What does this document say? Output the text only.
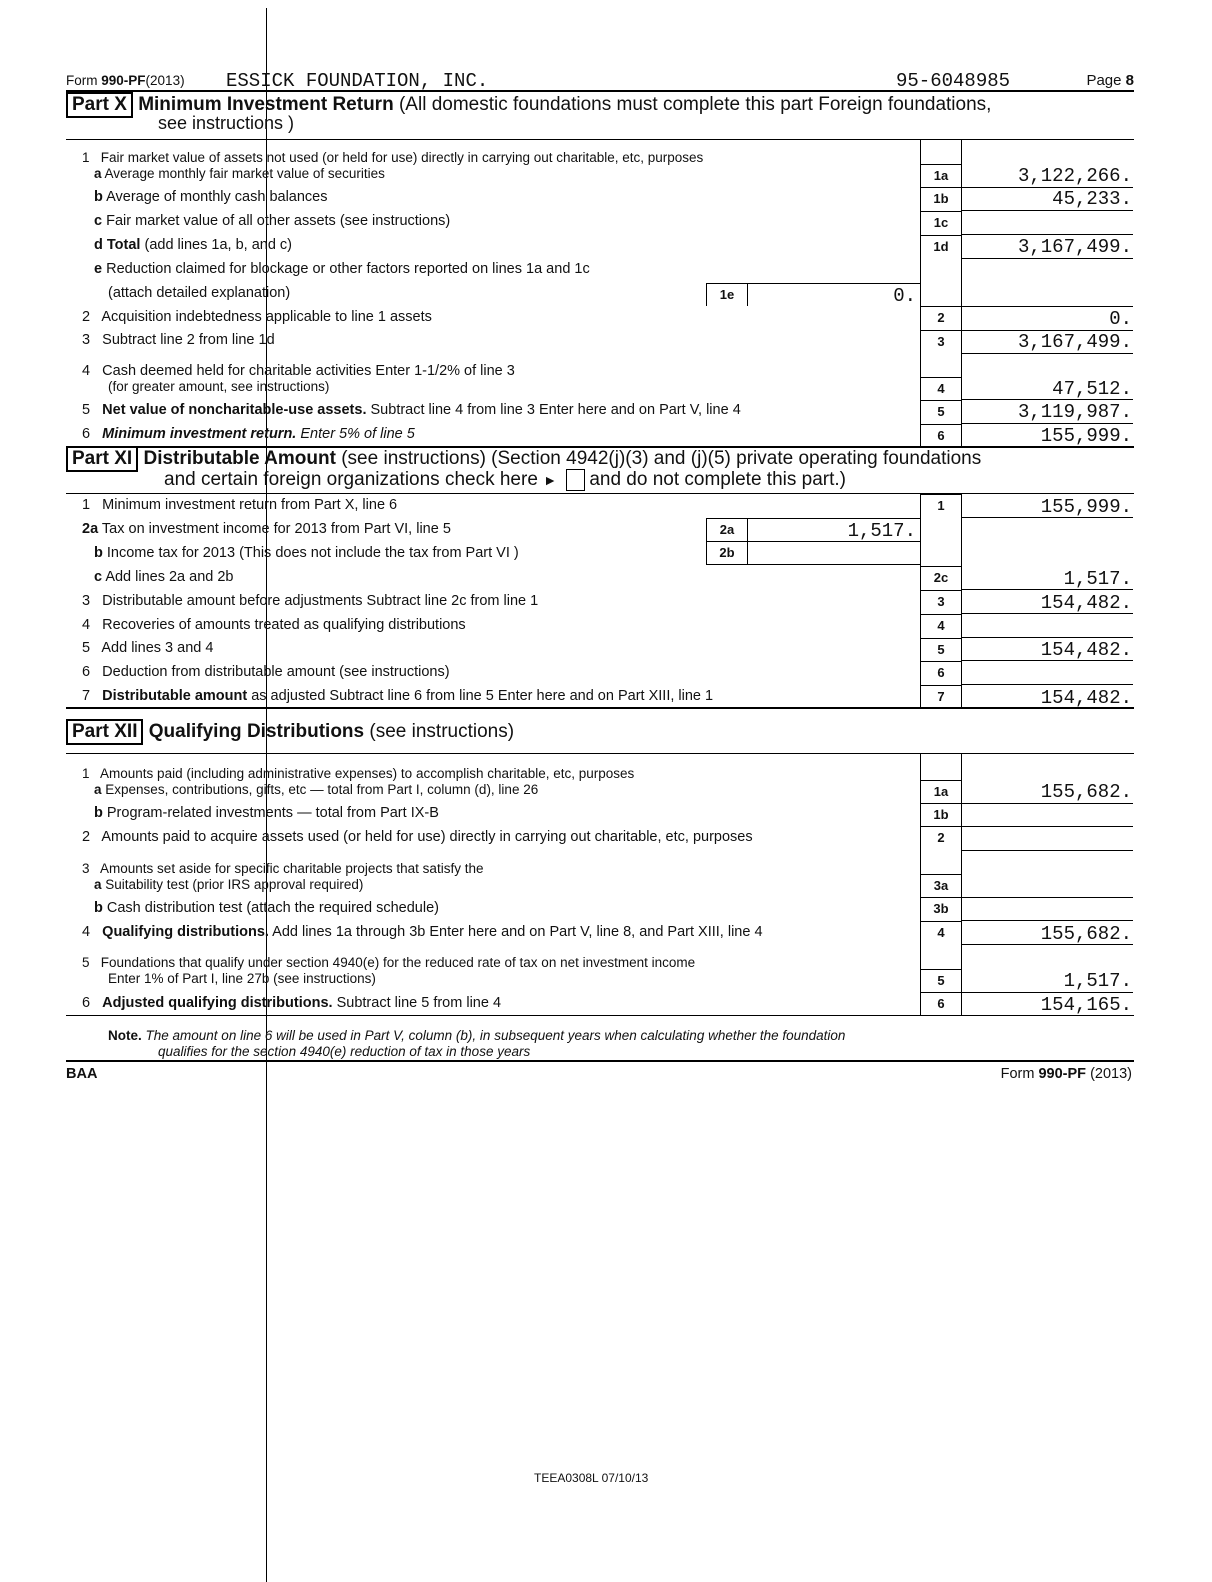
Form 990-PF(2013) ESSICK FOUNDATION, INC.	95-6048985	Page 8
Part X Minimum Investment Return (All domestic foundations must complete this part Foreign foundations,
see instructions )
1 Fair market value of assets not used (or held for use) directly in carrying out charitable, etc, purposes
a Average monthly fair market value of securities	1a	3,122,266.
b Average of monthly cash balances	1b	45,233.
c Fair market value of all other assets (see instructions)	1c
d Total (add lines 1a, b, and c)	1d	3,167,499.
e Reduction claimed for blockage or other factors reported on lines 1a and 1c
(attach detailed explanation)	1e	0.
2 Acquisition indebtedness applicable to line 1 assets	2	0.
3 Subtract line 2 from line 1d	3	3,167,499.
4 Cash deemed held for charitable activities Enter 1-1/2% of line 3
(for greater amount, see instructions)	4	47,512.
5 Net value of noncharitable-use assets. Subtract line 4 from line 3 Enter here and on Part V, line 4	5	3,119,987.
6 Minimum investment return. Enter 5% of line 5	6	155,999.
Part XI Distributable Amount (see instructions) (Section 4942(j)(3) and (j)(5) private operating foundations
and certain foreign organizations check here ► and do not complete this part.)
1 Minimum investment return from Part X, line 6	1	155,999.
2a Tax on investment income for 2013 from Part VI, line 5	2a	1,517.
b Income tax for 2013 (This does not include the tax from Part VI )	2b
c Add lines 2a and 2b	2c	1,517.
3 Distributable amount before adjustments Subtract line 2c from line 1	3	154,482.
4 Recoveries of amounts treated as qualifying distributions	4
5 Add lines 3 and 4	5	154,482.
6 Deduction from distributable amount (see instructions)	6
7 Distributable amount as adjusted Subtract line 6 from line 5 Enter here and on Part XIII, line 1	7	154,482.
Part XII Qualifying Distributions (see instructions)
1 Amounts paid (including administrative expenses) to accomplish charitable, etc, purposes
a Expenses, contributions, gifts, etc — total from Part I, column (d), line 26	1a	155,682.
b Program-related investments — total from Part IX-B	1b
2 Amounts paid to acquire assets used (or held for use) directly in carrying out charitable, etc, purposes	2
3 Amounts set aside for specific charitable projects that satisfy the
a Suitability test (prior IRS approval required)	3a
b Cash distribution test (attach the required schedule)	3b
4 Qualifying distributions. Add lines 1a through 3b Enter here and on Part V, line 8, and Part XIII, line 4	4	155,682.
5 Foundations that qualify under section 4940(e) for the reduced rate of tax on net investment income
Enter 1% of Part I, line 27b (see instructions)	5	1,517.
6 Adjusted qualifying distributions. Subtract line 5 from line 4	6	154,165.
Note. The amount on line 6 will be used in Part V, column (b), in subsequent years when calculating whether the foundation
qualifies for the section 4940(e) reduction of tax in those years
BAA	Form 990-PF (2013)
TEEA0308L 07/10/13
